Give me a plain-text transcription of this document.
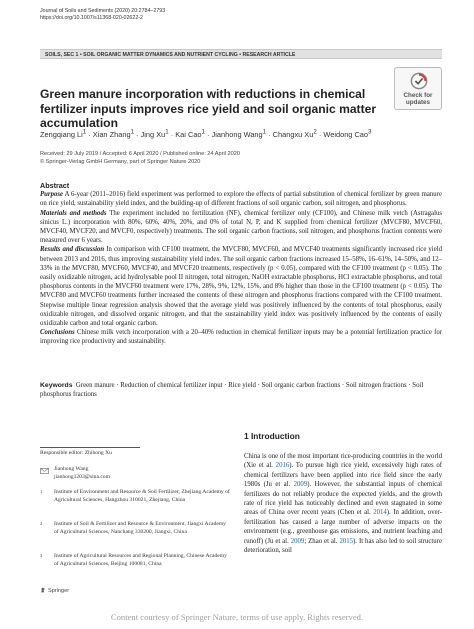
Journal of Soils and Sediments (2020) 20:2784–2793
https://doi.org/10.1007/s11368-020-02622-2
SOILS, SEC 1 • SOIL ORGANIC MATTER DYNAMICS AND NUTRIENT CYCLING • RESEARCH ARTICLE
Check for
updates
Green manure incorporation with reductions in chemical fertilizer inputs improves rice yield and soil organic matter accumulation
Zengqiang $Li^1$ · Xian Zhang$^1$ · Jing $Xu^1$ · Kai Cao$^1$ · Jianhong Wang$^1$ · Changxu $Xu^2$ · Weidong Cao$^3$
Received: 29 July 2019 / Accepted: 6 April 2020 / Published online: 24 April 2020
© Springer-Verlag GmbH Germany, part of Springer Nature 2020
Abstract

Purpose A 6-year (2011–2016) field experiment was performed to explore the effects of partial substitution of chemical fertilizer by green manure on rice yield, sustainability yield index, and the building-up of different fractions of soil organic carbon, soil nitrogen, and phosphorus.

Materials and methods The experiment included no fertilization (NF), chemical fertilizer only (CF100), and Chinese milk vetch (Astragalus sinicus L.) incorporation with 80%, 60%, 40%, 20%, and 0% of total N, P, and K supplied from chemical fertilizer (MVCF80, MVCF60, MVCF40, MVCF20, and MVCF0, respectively) treatments. The soil organic carbon fractions, soil nitrogen, and phosphorus fraction contents were measured over 6 years.

Results and discussion In comparison with CF100 treatment, the MVCF80, MVCF60, and MVCF40 treatments significantly increased rice yield between 2013 and 2016, thus improving sustainability yield index. The soil organic carbon fractions increased 15–58%, 16–61%, 14–50%, and 12–33% in the MVCF80, MVCF60, MVCF40, and MVCF20 treatments, respectively (p < 0.05), compared with the CF100 treatment (p < 0.05). The easily oxidizable nitrogen, acid hydrolysable pool II nitrogen, total nitrogen, NaOH extractable phosphorus, HCl extractable phosphorus, and total phosphorus contents in the MVCF60 treatment were 17%, 28%, 9%, 12%, 15%, and 8% higher than those in the CF100 treatment (p < 0.05). The MVCF80 and MVCF60 treatments further increased the contents of these nitrogen and phosphorus fractions compared with the CF100 treatment. Stepwise multiple linear regression analysis showed that the average yield was positively influenced by the contents of total phosphorus, easily oxidizable nitrogen, and dissolved organic nitrogen, and that the sustainability yield index was positively influenced by the contents of easily oxidizable carbon and total organic carbon.

Conclusions Chinese milk vetch incorporation with a 20–40% reduction in chemical fertilizer inputs may be a potential fertilization practice for improving rice productivity and sustainability.

Keywords Green manure · Reduction of chemical fertilizer input · Rice yield · Soil organic carbon fractions · Soil nitrogen fractions · Soil phosphorus fractions
Responsible editor: Zhihong Xu
Jianhong Wang
jianhong1203@sina.com
1 Institute of Environment and Resource & Soil Fertilizer, Zhejiang Academy of Agricultural Sciences, Hangzhou 310021, Zhejiang, China
2 Institute of Soil & Fertilizer and Resource & Environment, Jiangxi Academy of Agricultural Sciences, Nanchang 330200, Jiangxi, China
3 Institute of Agricultural Resources and Regional Planning, Chinese Academy of Agricultural Sciences, Beijing 100081, China
Springer
1 Introduction

China is one of the most important rice-producing countries in the world (Xie et al. 2016). To pursue high rice yield, excessively high rates of chemical fertilizers have been applied into rice field since the early 1980s (Ju et al. 2009). However, the substantial inputs of chemical fertilizers do not reliably produce the expected yields, and the growth rate of rice yield has noticeably declined and even stagnated in some areas of China over recent years (Chen et al. 2014). In addition, over-fertilization has caused a large number of adverse impacts on the environment (e.g., greenhouse gas emissions, and nutrient leaching and runoff) (Ju et al. 2009; Zhao et al. 2015). It has also led to soil structure deterioration, soil

Content courtesy of Springer Nature, terms of use apply. Rights reserved.
